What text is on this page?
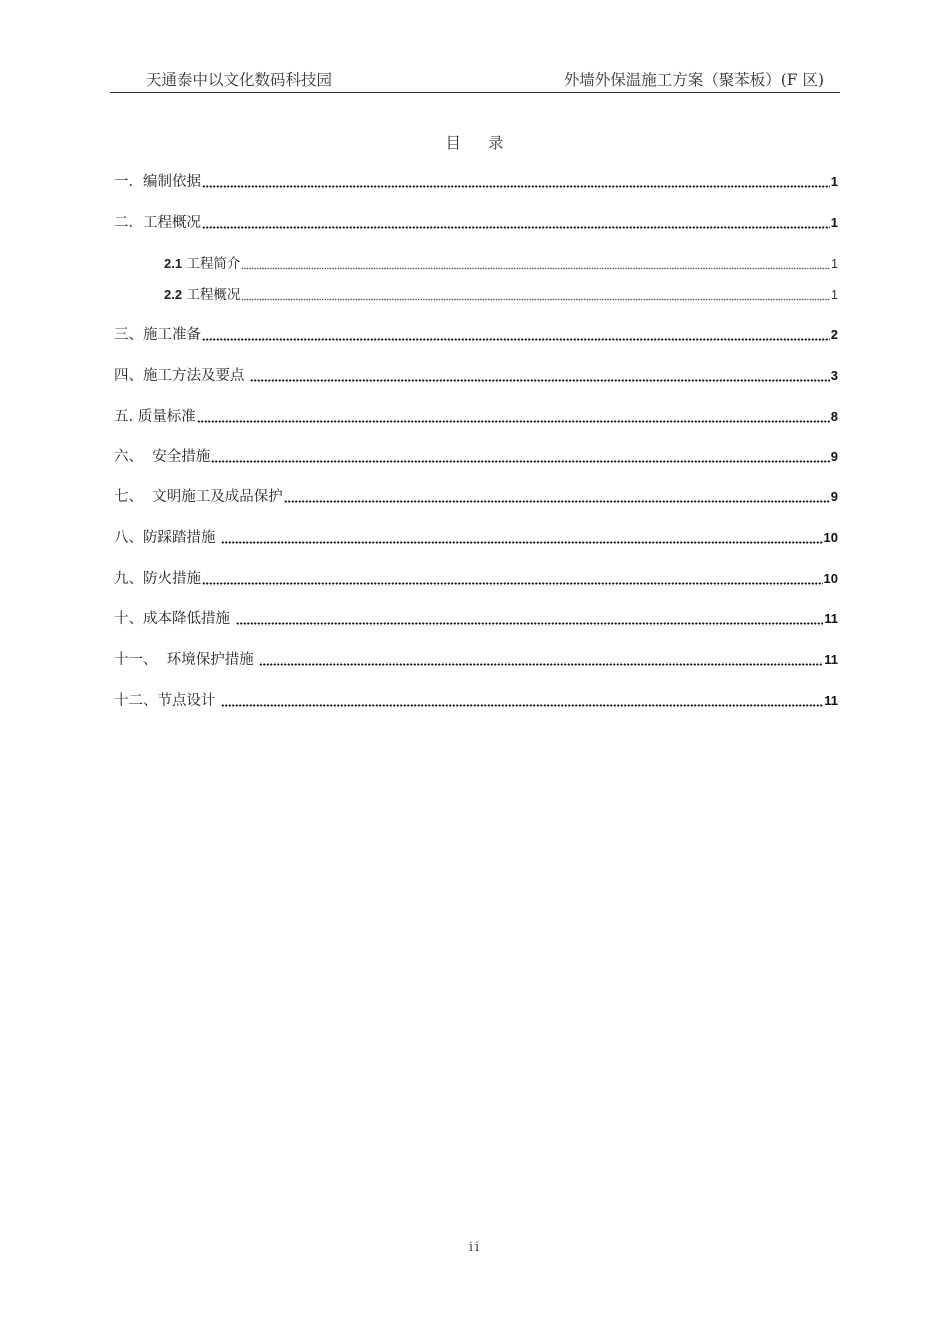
天通泰中以文化数码科技园	外墙外保温施工方案（聚苯板）(F 区)
目 录
一．编制依据	1
二．工程概况	1
2.1 工程简介	1
2.2 工程概况	1
三、施工准备	2
四、施工方法及要点	3
五. 质量标准	8
六、  安全措施	9
七、  文明施工及成品保护	9
八、防踩踏措施	10
九、防火措施	10
十、成本降低措施	11
十一、  环境保护措施	11
十二、节点设计	11
ii
